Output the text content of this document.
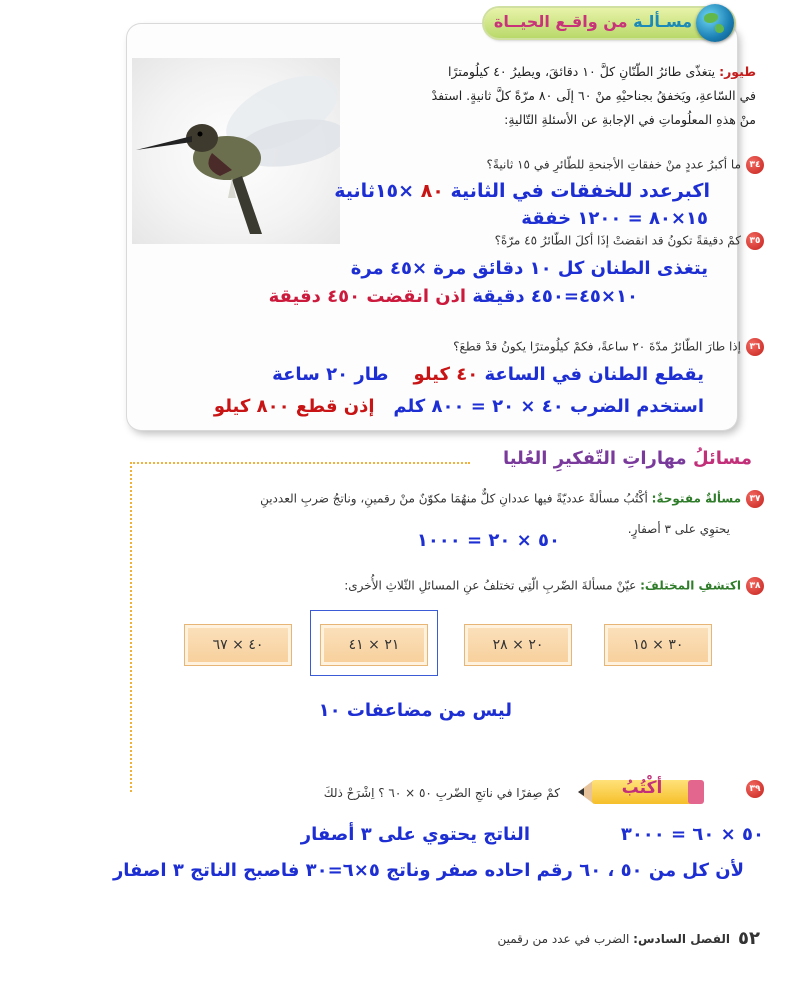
مسـألـة من واقـع الحيــاة
طيور: يتغذّى طائرُ الطّنّانِ كلَّ ١٠ دقائقَ، ويطيرُ ٤٠ كيلُومترًا
في السّاعةِ، ويَخفقُ بجناحيْهِ منْ ٦٠ إلَى ٨٠ مرّةً كلَّ ثانيةٍ. استفدْ
منْ هذهِ المعلُوماتِ في الإجابةِ عن الأسئلةِ التّاليةِ:
٣٤ما أكبرُ عددٍ منْ خفقاتِ الأجنحةِ للطّائرِ في ١٥ ثانيةً؟
اكبرعدد للخفقات في الثانية ٨٠ ×١٥ثانية
١٥×٨٠ = ١٢٠٠ خفقة
٣٥كمْ دقيقةً تكونُ قد انقضتْ إذَا أكلَ الطّائرُ ٤٥ مرّةً؟
يتغذى الطنان كل ١٠ دقائق مرة ×٤٥ مرة
١٠×٤٥=٤٥٠ دقيقة اذن انقضت ٤٥٠ دقيقة
٣٦إذا طارَ الطّائرُ مدّةَ ٢٠ ساعةً، فكمْ كيلُومترًا يكونُ قدْ قطعَ؟
يقطع الطنان في الساعة ٤٠ كيلو    طار ٢٠ ساعة
استخدم الضرب ٤٠ × ٢٠ = ٨٠٠ كلم   إذن قطع ٨٠٠ كيلو
مسائلُ مهاراتِ التّفكيرِ العُليا
٣٧مسألةٌ مفتوحةٌ: أكْتُبُ مسألةً عدديّةً فيها عددانِ كلٌّ منهُمَا مكوّنٌ منْ رقمينِ، وناتجُ ضربِ العددينِ
يحتوِي على ٣ أصفارٍ.
٥٠ × ٢٠ = ١٠٠٠
٣٨اكتشفِ المختلفَ: عيّنْ مسألةَ الضّربِ الّتِي تختلفُ عنِ المسائلِ الثّلاثِ الأُخرى:
٣٠ × ١٥
٢٠ × ٢٨
٢١ × ٤١
٤٠ × ٦٧
ليس من مضاعفات ١٠
٣٩
أكْتُبُ
كمْ صِفرًا في ناتجِ الضّربِ ٥٠ × ٦٠ ؟ اِشْرَحْ ذلكَ
٥٠ × ٦٠ = ٣٠٠٠
الناتج يحتوي على ٣ أصفار
لأن كل من ٥٠ ، ٦٠ رقم احاده صفر وناتج ٥×٦=٣٠ فاصبح الناتج ٣ اصفار
٥٢
الفصل السادس: الضرب في عدد من رقمين
